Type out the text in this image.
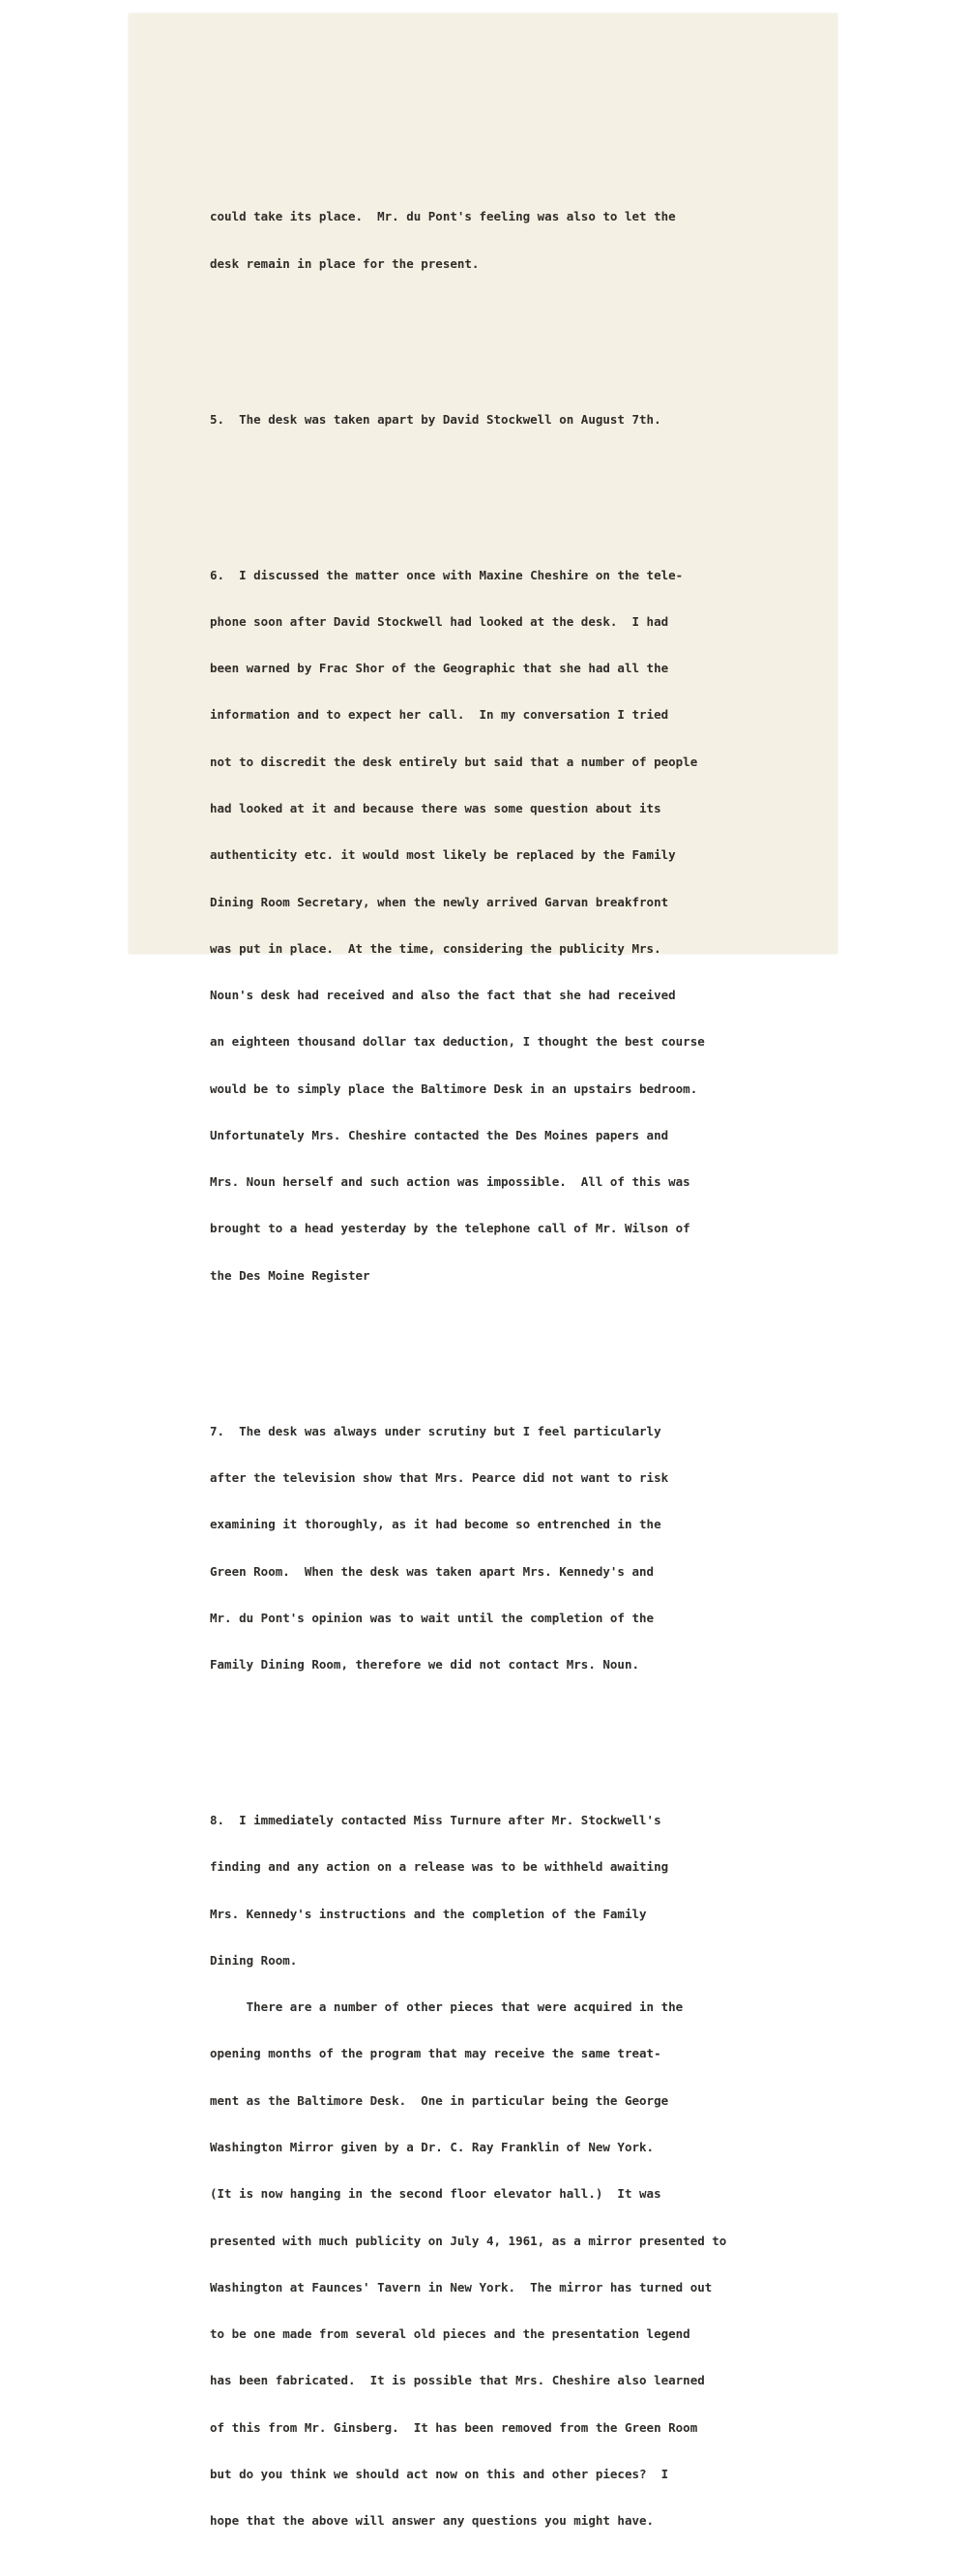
could take its place.  Mr. du Pont's feeling was also to let the

desk remain in place for the present.

5.  The desk was taken apart by David Stockwell on August 7th.

6.  I discussed the matter once with Maxine Cheshire on the tele-

phone soon after David Stockwell had looked at the desk.  I had

been warned by Frac Shor of the Geographic that she had all the

information and to expect her call.  In my conversation I tried

not to discredit the desk entirely but said that a number of people

had looked at it and because there was some question about its

authenticity etc. it would most likely be replaced by the Family

Dining Room Secretary, when the newly arrived Garvan breakfront

was put in place.  At the time, considering the publicity Mrs.

Noun's desk had received and also the fact that she had received

an eighteen thousand dollar tax deduction, I thought the best course

would be to simply place the Baltimore Desk in an upstairs bedroom.

Unfortunately Mrs. Cheshire contacted the Des Moines papers and

Mrs. Noun herself and such action was impossible.  All of this was

brought to a head yesterday by the telephone call of Mr. Wilson of

the Des Moine Register

7.  The desk was always under scrutiny but I feel particularly

after the television show that Mrs. Pearce did not want to risk

examining it thoroughly, as it had become so entrenched in the

Green Room.  When the desk was taken apart Mrs. Kennedy's and

Mr. du Pont's opinion was to wait until the completion of the

Family Dining Room, therefore we did not contact Mrs. Noun.

8.  I immediately contacted Miss Turnure after Mr. Stockwell's

finding and any action on a release was to be withheld awaiting

Mrs. Kennedy's instructions and the completion of the Family

Dining Room.

There are a number of other pieces that were acquired in the

opening months of the program that may receive the same treat-

ment as the Baltimore Desk.  One in particular being the George

Washington Mirror given by a Dr. C. Ray Franklin of New York.

(It is now hanging in the second floor elevator hall.)  It was

presented with much publicity on July 4, 1961, as a mirror presented to

Washington at Faunces' Tavern in New York.  The mirror has turned out

to be one made from several old pieces and the presentation legend

has been fabricated.  It is possible that Mrs. Cheshire also learned

of this from Mr. Ginsberg.  It has been removed from the Green Room

but do you think we should act now on this and other pieces?  I

hope that the above will answer any questions you might have.
